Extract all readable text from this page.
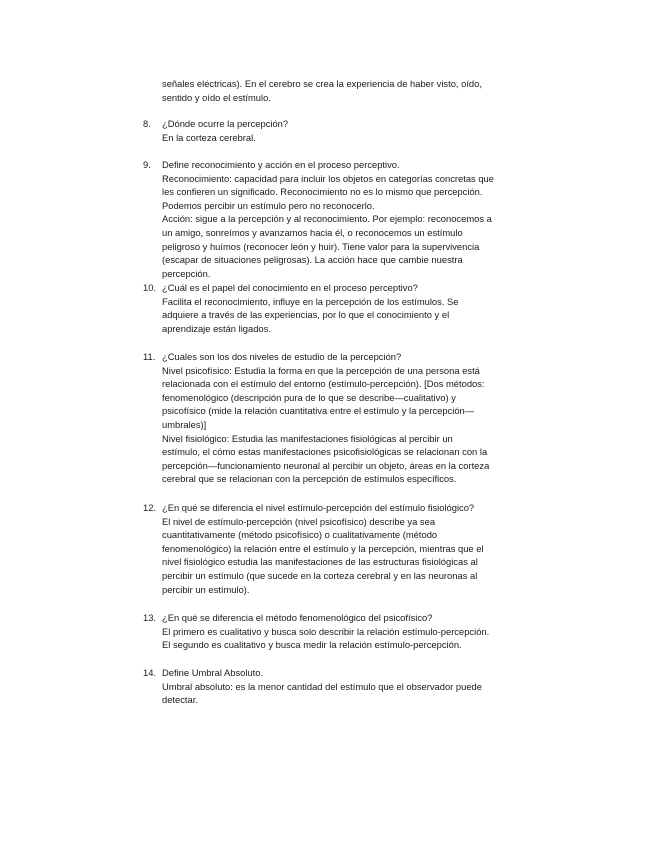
señales eléctricas). En el cerebro se crea la experiencia de haber visto, oído,
sentido y oído el estímulo.
8.	¿Dónde ocurre la percepción?
En la corteza cerebral.
9.	Define reconocimiento y acción en el proceso perceptivo.
Reconocimiento: capacidad para incluir los objetos en categorías concretas que
les confieren un significado. Reconocimiento no es lo mismo que percepción.
Podemos percibir un estímulo pero no reconocerlo.
Acción: sigue a la percepción y al reconocimiento. Por ejemplo: reconocemos a
un amigo, sonreímos y avanzamos hacia él, o reconocemos un estímulo
peligroso y huímos (reconocer león y huir). Tiene valor para la supervivencia
(escapar de situaciones peligrosas). La acción hace que cambie nuestra
percepción.
10. ¿Cuál es el papel del conocimiento en el proceso perceptivo?
Facilita el reconocimiento, influye en la percepción de los estímulos. Se
adquiere a través de las experiencias, por lo que el conocimiento y el
aprendizaje están ligados.
11. ¿Cuales son los dos niveles de estudio de la percepción?
Nivel psicofísico: Estudia la forma en que la percepción de una persona está
relacionada con el estímulo del entorno (estímulo-percepción). [Dos métodos:
fenomenológico (descripción pura de lo que se describe—cualitativo) y
psicofísico (mide la relación cuantitativa entre el estímulo y la percepción—
umbrales)]
Nivel fisiológico: Estudia las manifestaciones fisiológicas al percibir un
estímulo, el cómo estas manifestaciones psicofisiológicas se relacionan con la
percepción—funcionamiento neuronal al percibir un objeto, áreas en la corteza
cerebral que se relacionan con la percepción de estímulos específicos.
12. ¿En qué se diferencia el nivel estímulo-percepción del estímulo fisiológico?
El nivel de estímulo-percepción (nivel psicofísico) describe ya sea
cuantitativamente (método psicofísico) o cualitativamente (método
fenomenológico) la relación entre el estímulo y la percepción, mientras que el
nivel fisiológico estudia las manifestaciones de las estructuras fisiológicas al
percibir un estímulo (que sucede en la corteza cerebral y en las neuronas al
percibir un estímulo).
13. ¿En qué se diferencia el método fenomenológico del psicofísico?
El primero es cualitativo y busca solo describir la relación estímulo-percepción.
El segundo es cualitativo y busca medir la relación estímulo-percepción.
14. Define Umbral Absoluto.
Umbral absoluto: es la menor cantidad del estímulo que el observador puede
detectar.
